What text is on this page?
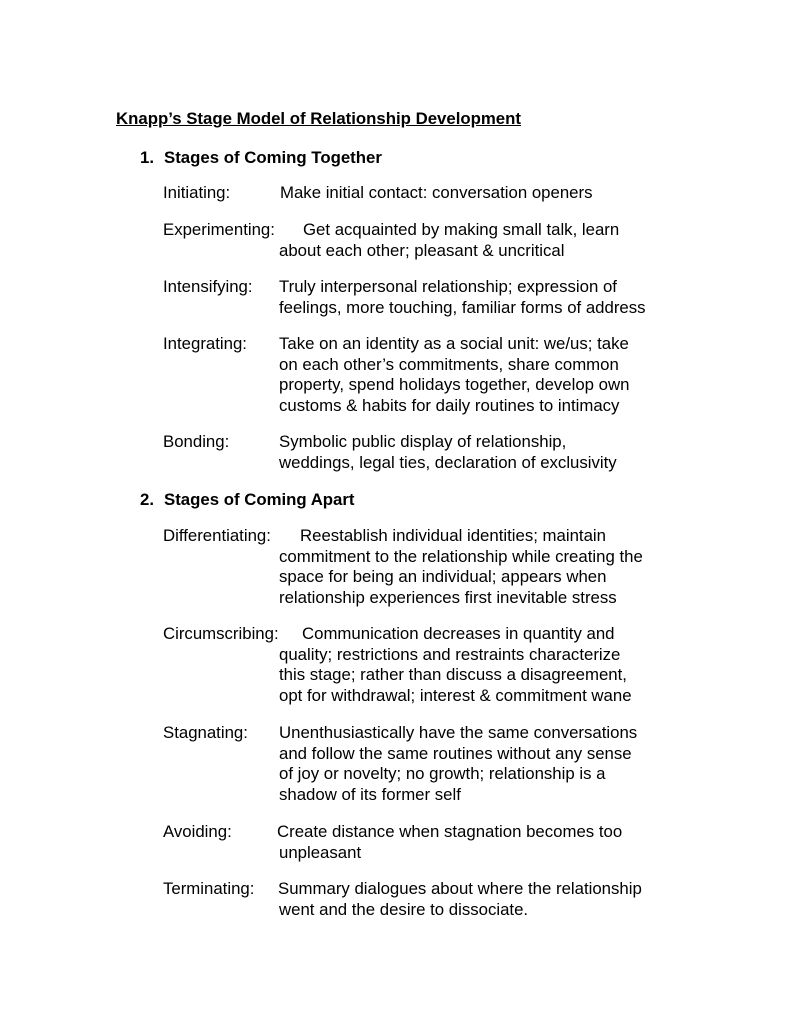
Knapp’s Stage Model of Relationship Development
1. Stages of Coming Together
Initiating:	Make initial contact: conversation openers
Experimenting: Get acquainted by making small talk, learn
about each other; pleasant & uncritical
Intensifying: Truly interpersonal relationship; expression of
feelings, more touching, familiar forms of address
Integrating: Take on an identity as a social unit: we/us; take
on each other’s commitments, share common
property, spend holidays together, develop own
customs & habits for daily routines to intimacy
Bonding:	Symbolic public display of relationship,
weddings, legal ties, declaration of exclusivity
2. Stages of Coming Apart
Differentiating: Reestablish individual identities; maintain
commitment to the relationship while creating the
space for being an individual; appears when
relationship experiences first inevitable stress
Circumscribing: Communication decreases in quantity and
quality; restrictions and restraints characterize
this stage; rather than discuss a disagreement,
opt for withdrawal; interest & commitment wane
Stagnating: Unenthusiastically have the same conversations
and follow the same routines without any sense
of joy or novelty; no growth; relationship is a
shadow of its former self
Avoiding:	Create distance when stagnation becomes too
unpleasant
Terminating: Summary dialogues about where the relationship
went and the desire to dissociate.
